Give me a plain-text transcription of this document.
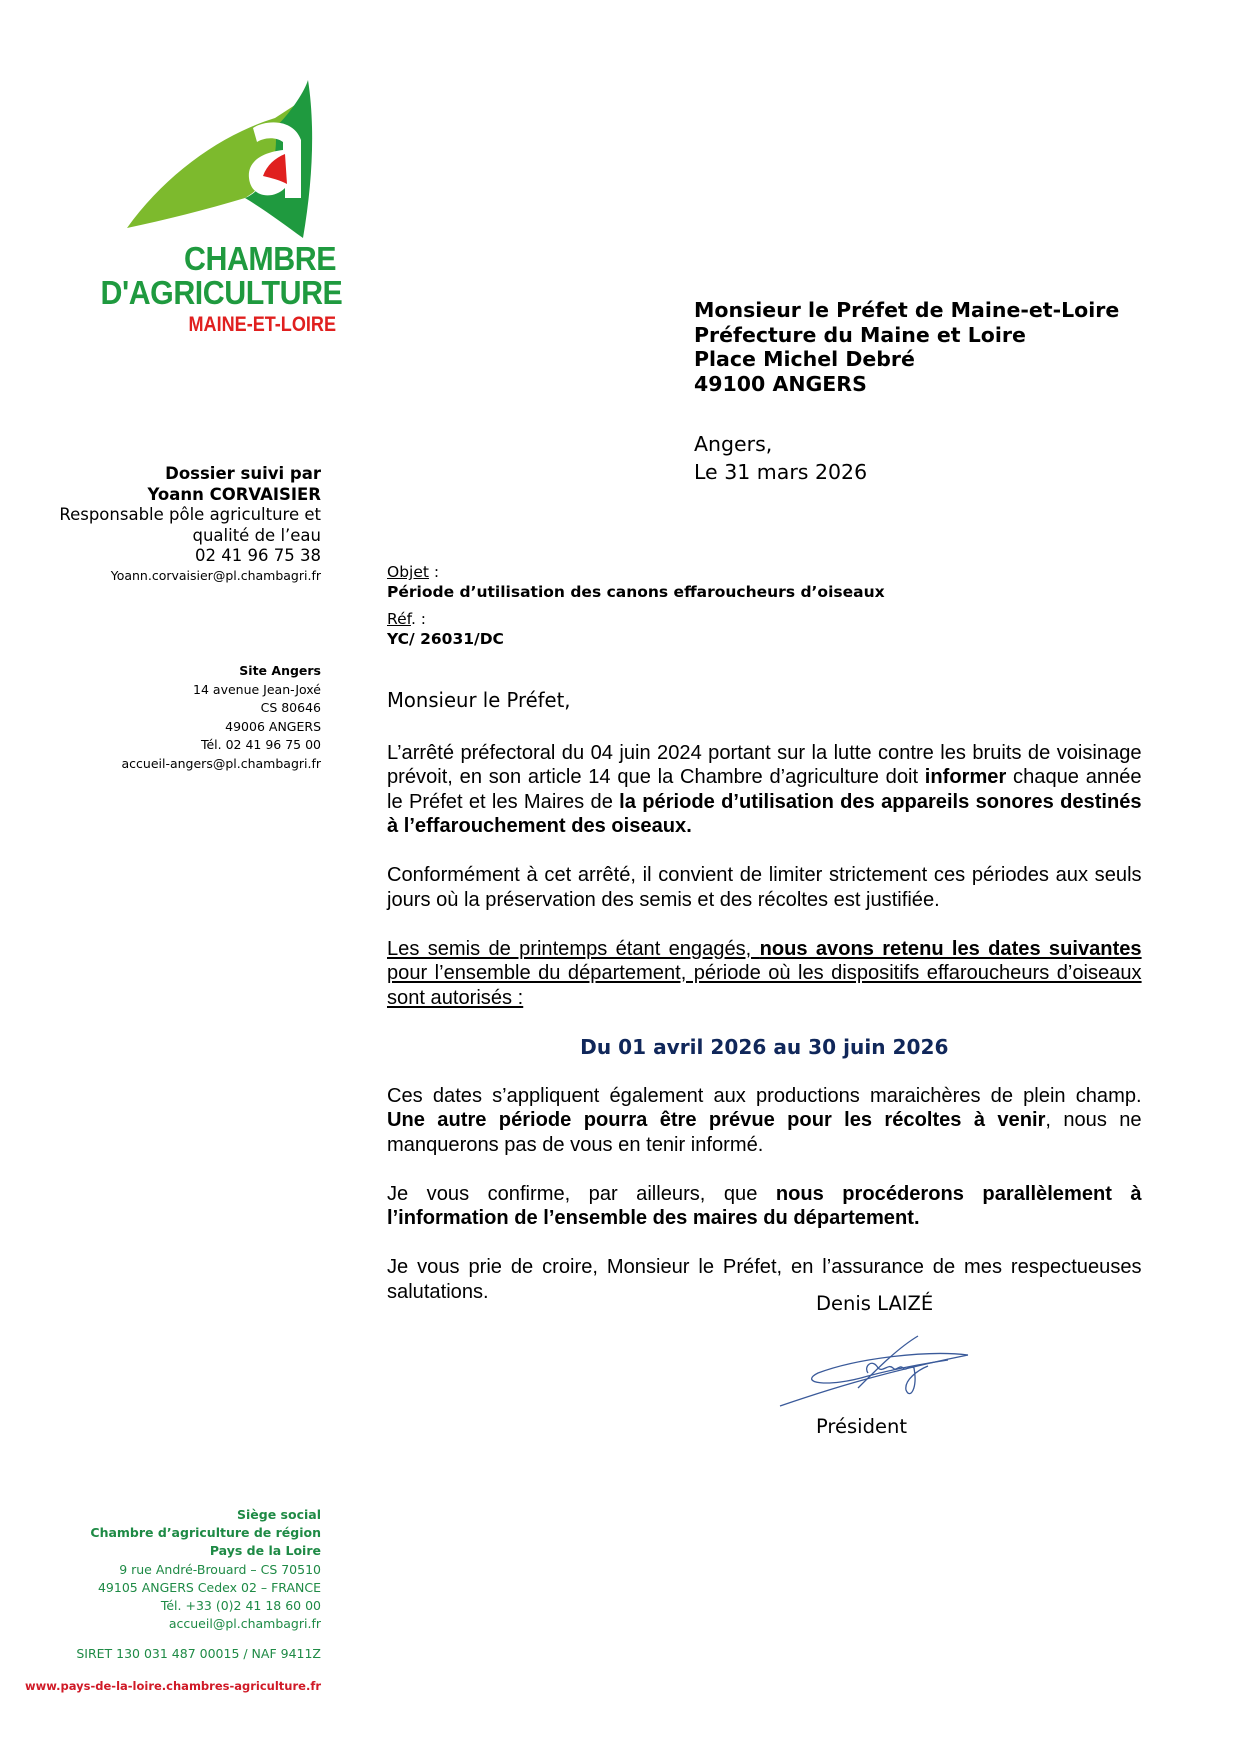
CHAMBRE
D'AGRICULTURE
MAINE-ET-LOIRE
Monsieur le Préfet de Maine-et-Loire
Préfecture du Maine et Loire
Place Michel Debré
49100 ANGERS
Angers,
Le 31 mars 2026
Dossier suivi par
Yoann CORVAISIER
Responsable pôle agriculture et
qualité de l’eau
02 41 96 75 38
Yoann.corvaisier@pl.chambagri.fr
Site Angers
14 avenue Jean-Joxé
CS 80646
49006 ANGERS
Tél. 02 41 96 75 00
accueil-angers@pl.chambagri.fr
Siège social
Chambre d’agriculture de région
Pays de la Loire
9 rue André-Brouard – CS 70510
49105 ANGERS Cedex 02 – FRANCE
Tél. +33 (0)2 41 18 60 00
accueil@pl.chambagri.fr
SIRET 130 031 487 00015 / NAF 9411Z
www.pays-de-la-loire.chambres-agriculture.fr
Objet :
Période d’utilisation des canons effaroucheurs d’oiseaux
Réf. :
YC/ 26031/DC

Monsieur le Préfet,

L’arrêté préfectoral du 04 juin 2024 portant sur la lutte contre les bruits de voisinage prévoit, en son article 14 que la Chambre d’agriculture doit informer chaque année le Préfet et les Maires de la période d’utilisation des appareils sonores destinés à l’effarouchement des oiseaux.

Conformément à cet arrêté, il convient de limiter strictement ces périodes aux seuls jours où la préservation des semis et des récoltes est justifiée.

Les semis de printemps étant engagés, nous avons retenu les dates suivantes pour l’ensemble du département, période où les dispositifs effaroucheurs d’oiseaux sont autorisés :

Du 01 avril 2026 au 30 juin 2026

Ces dates s’appliquent également aux productions maraichères de plein champ. Une autre période pourra être prévue pour les récoltes à venir, nous ne manquerons pas de vous en tenir informé.

Je vous confirme, par ailleurs, que nous procéderons parallèlement à l’information de l’ensemble des maires du département.

Je vous prie de croire, Monsieur le Préfet, en l’assurance de mes respectueuses salutations.

Denis LAIZÉ
Président
